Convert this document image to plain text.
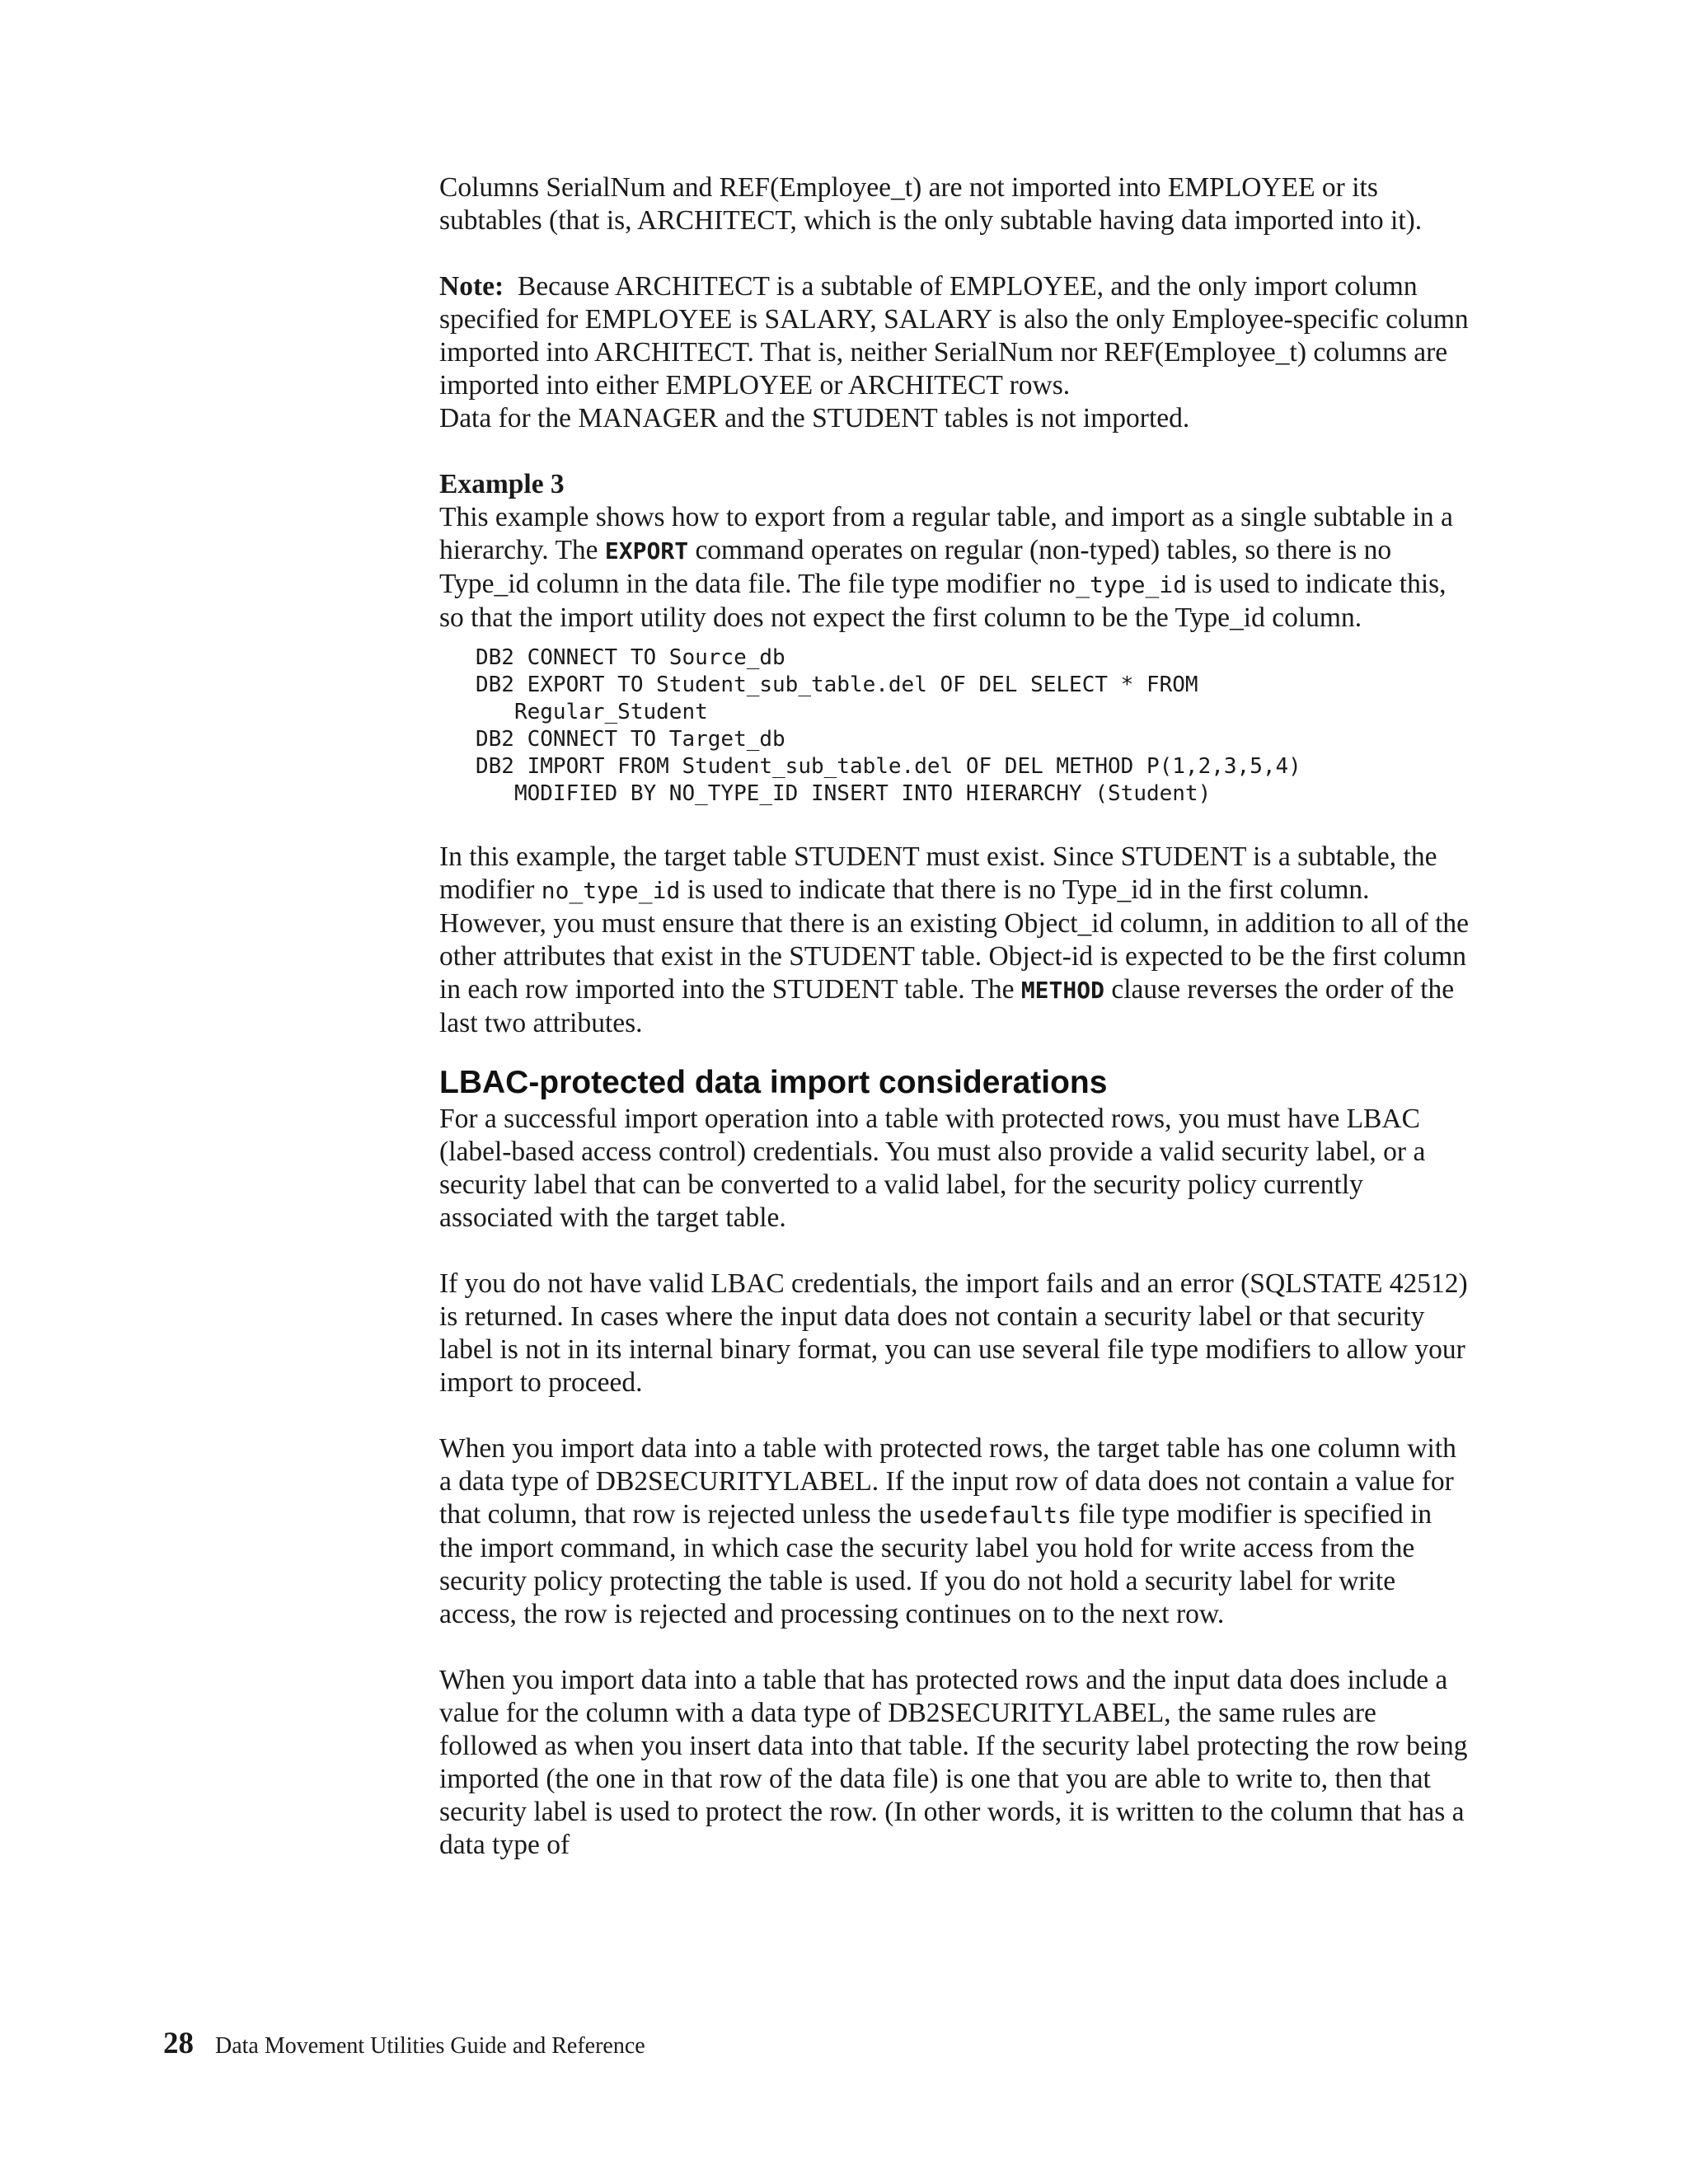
Columns SerialNum and REF(Employee_t) are not imported into EMPLOYEE or its subtables (that is, ARCHITECT, which is the only subtable having data imported into it).

Note: Because ARCHITECT is a subtable of EMPLOYEE, and the only import column specified for EMPLOYEE is SALARY, SALARY is also the only Employee-specific column imported into ARCHITECT. That is, neither SerialNum nor REF(Employee_t) columns are imported into either EMPLOYEE or ARCHITECT rows.

Data for the MANAGER and the STUDENT tables is not imported.

Example 3

This example shows how to export from a regular table, and import as a single subtable in a hierarchy. The EXPORT command operates on regular (non-typed) tables, so there is no Type_id column in the data file. The file type modifier no_type_id is used to indicate this, so that the import utility does not expect the first column to be the Type_id column.

DB2 CONNECT TO Source_db
DB2 EXPORT TO Student_sub_table.del OF DEL SELECT * FROM
Regular_Student
DB2 CONNECT TO Target_db
DB2 IMPORT FROM Student_sub_table.del OF DEL METHOD P(1,2,3,5,4)
MODIFIED BY NO_TYPE_ID INSERT INTO HIERARCHY (Student)

In this example, the target table STUDENT must exist. Since STUDENT is a subtable, the modifier no_type_id is used to indicate that there is no Type_id in the first column. However, you must ensure that there is an existing Object_id column, in addition to all of the other attributes that exist in the STUDENT table. Object-id is expected to be the first column in each row imported into the STUDENT table. The METHOD clause reverses the order of the last two attributes.

LBAC-protected data import considerations

For a successful import operation into a table with protected rows, you must have LBAC (label-based access control) credentials. You must also provide a valid security label, or a security label that can be converted to a valid label, for the security policy currently associated with the target table.

If you do not have valid LBAC credentials, the import fails and an error (SQLSTATE 42512) is returned. In cases where the input data does not contain a security label or that security label is not in its internal binary format, you can use several file type modifiers to allow your import to proceed.

When you import data into a table with protected rows, the target table has one column with a data type of DB2SECURITYLABEL. If the input row of data does not contain a value for that column, that row is rejected unless the usedefaults file type modifier is specified in the import command, in which case the security label you hold for write access from the security policy protecting the table is used. If you do not hold a security label for write access, the row is rejected and processing continues on to the next row.

When you import data into a table that has protected rows and the input data does include a value for the column with a data type of DB2SECURITYLABEL, the same rules are followed as when you insert data into that table. If the security label protecting the row being imported (the one in that row of the data file) is one that you are able to write to, then that security label is used to protect the row. (In other words, it is written to the column that has a data type of

28 Data Movement Utilities Guide and Reference
